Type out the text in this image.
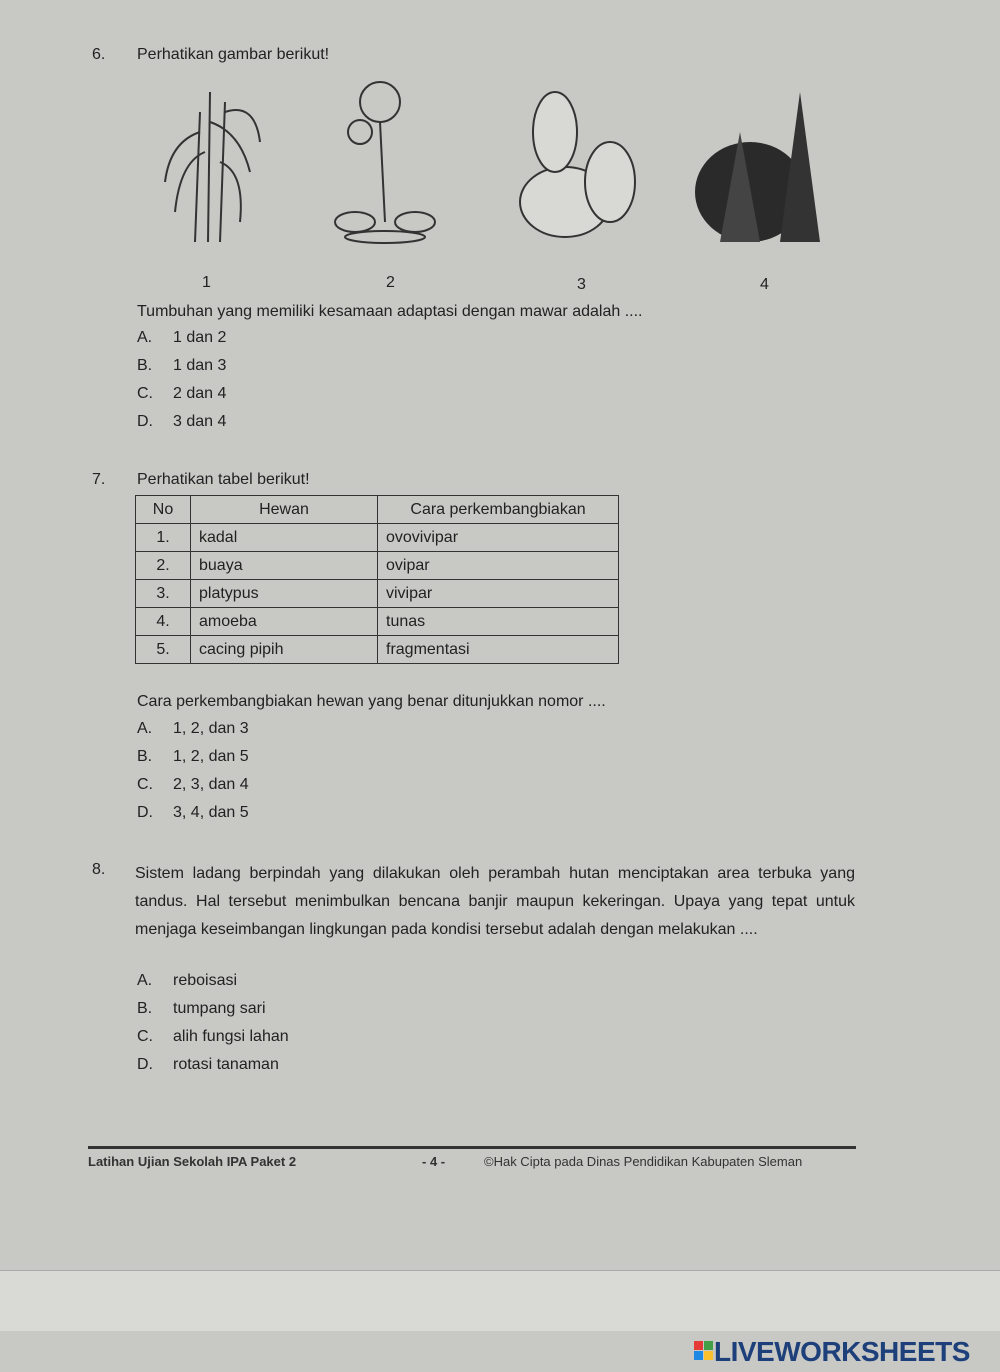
6. Perhatikan gambar berikut!
1	2	3	4
Tumbuhan yang memiliki kesamaan adaptasi dengan mawar adalah ....
A. 1 dan 2
B. 1 dan 3
C. 2 dan 4
D. 3 dan 4
7. Perhatikan tabel berikut!
No	Hewan	Cara perkembangbiakan
1.	kadal	ovovivipar
2.	buaya	ovipar
3.	platypus	vivipar
4.	amoeba	tunas
5.	cacing pipih	fragmentasi
Cara perkembangbiakan hewan yang benar ditunjukkan nomor ....
A. 1, 2, dan 3
B. 1, 2, dan 5
C. 2, 3, dan 4
D. 3, 4, dan 5
8. Sistem ladang berpindah yang dilakukan oleh perambah hutan menciptakan area terbuka yang tandus. Hal tersebut menimbulkan bencana banjir maupun kekeringan. Upaya yang tepat untuk menjaga keseimbangan lingkungan pada kondisi tersebut adalah dengan melakukan ....
A. reboisasi
B. tumpang sari
C. alih fungsi lahan
D. rotasi tanaman
Latihan Ujian Sekolah IPA Paket 2	- 4 -	©Hak Cipta pada Dinas Pendidikan Kabupaten Sleman
LIVEWORKSHEETS
